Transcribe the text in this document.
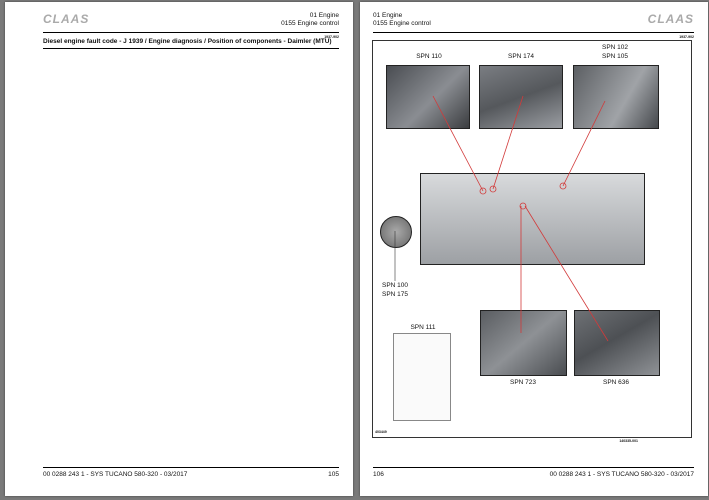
CLAAS	01 Engine
0155 Engine control
1937-902
Diesel engine fault code - J 1939 / Engine diagnosis / Position of components - Daimler (MTU)
00 0288 243 1 - SYS TUCANO 580-320 - 03/2017	105
01 Engine
0155 Engine control	CLAAS
1937-902
SPN 110	SPN 174
SPN 102
SPN 105
SPN 100
SPN 175
SPN 111
SPN 723	SPN 636
403449
140335-001
106	00 0288 243 1 - SYS TUCANO 580-320 - 03/2017
